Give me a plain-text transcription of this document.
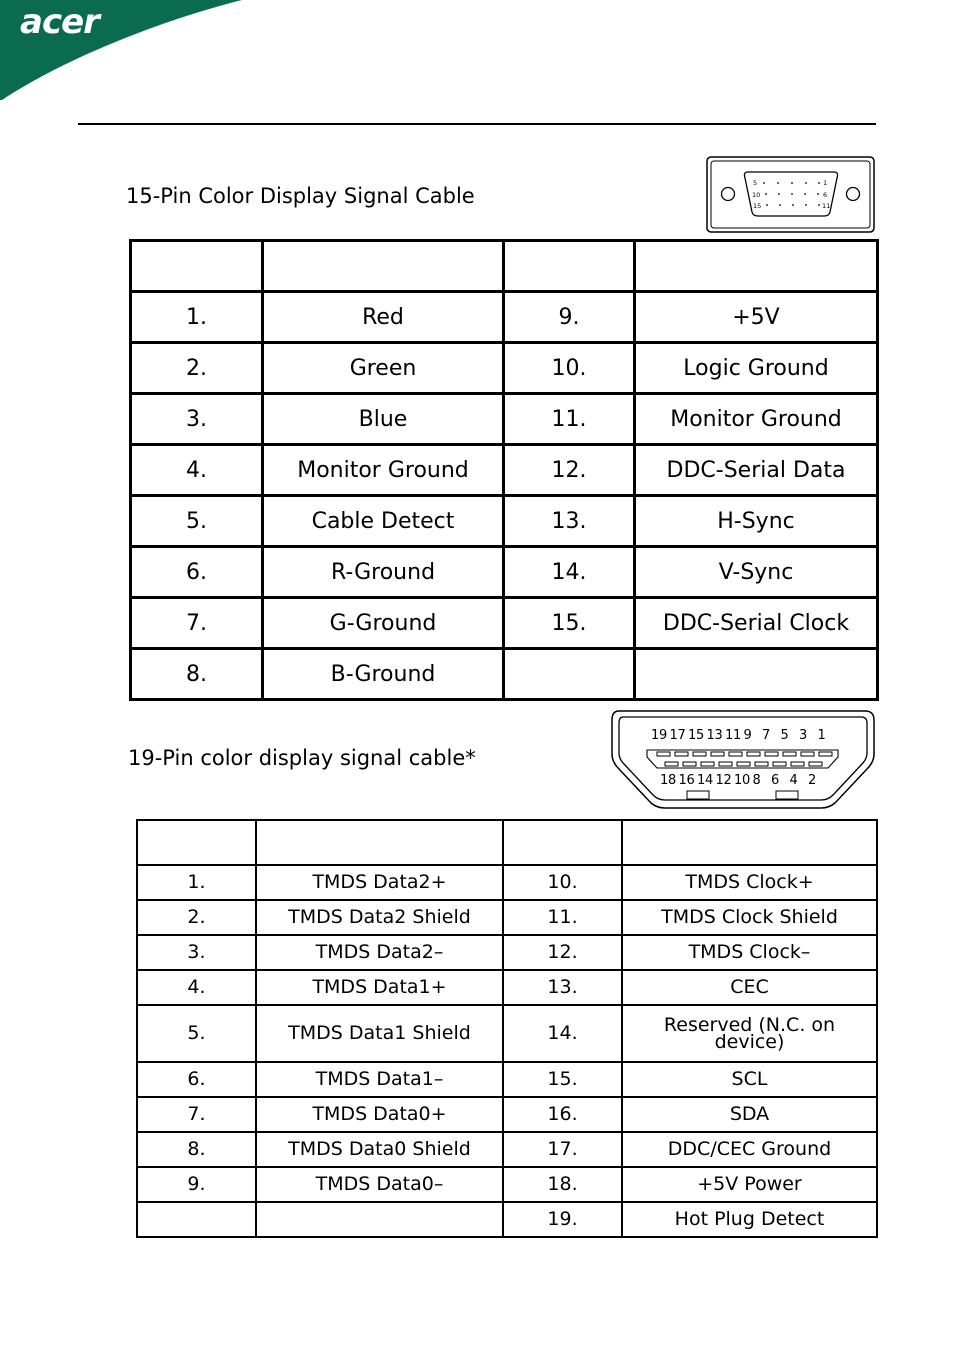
acer
15-Pin Color Display Signal Cable
5	1
10	6
15	11

1.	Red	9.	+5V
2.	Green	10.	Logic Ground
3.	Blue	11.	Monitor Ground
4.	Monitor Ground	12.	DDC-Serial Data
5.	Cable Detect	13.	H-Sync
6.	R-Ground	14.	V-Sync
7.	G-Ground	15.	DDC-Serial Clock
8.	B-Ground		
19-Pin color display signal cable*
19 17 15 13 11 9 7 5 3 1
18 16 14 12 10 8 6 4 2

1.	TMDS Data2+	10.	TMDS Clock+
2.	TMDS Data2 Shield	11.	TMDS Clock Shield
3.	TMDS Data2–	12.	TMDS Clock–
4.	TMDS Data1+	13.	CEC
5.	TMDS Data1 Shield	14.	Reserved (N.C. on
device)
6.	TMDS Data1–	15.	SCL
7.	TMDS Data0+	16.	SDA
8.	TMDS Data0 Shield	17.	DDC/CEC Ground
9.	TMDS Data0–	18.	+5V Power
		19.	Hot Plug Detect
